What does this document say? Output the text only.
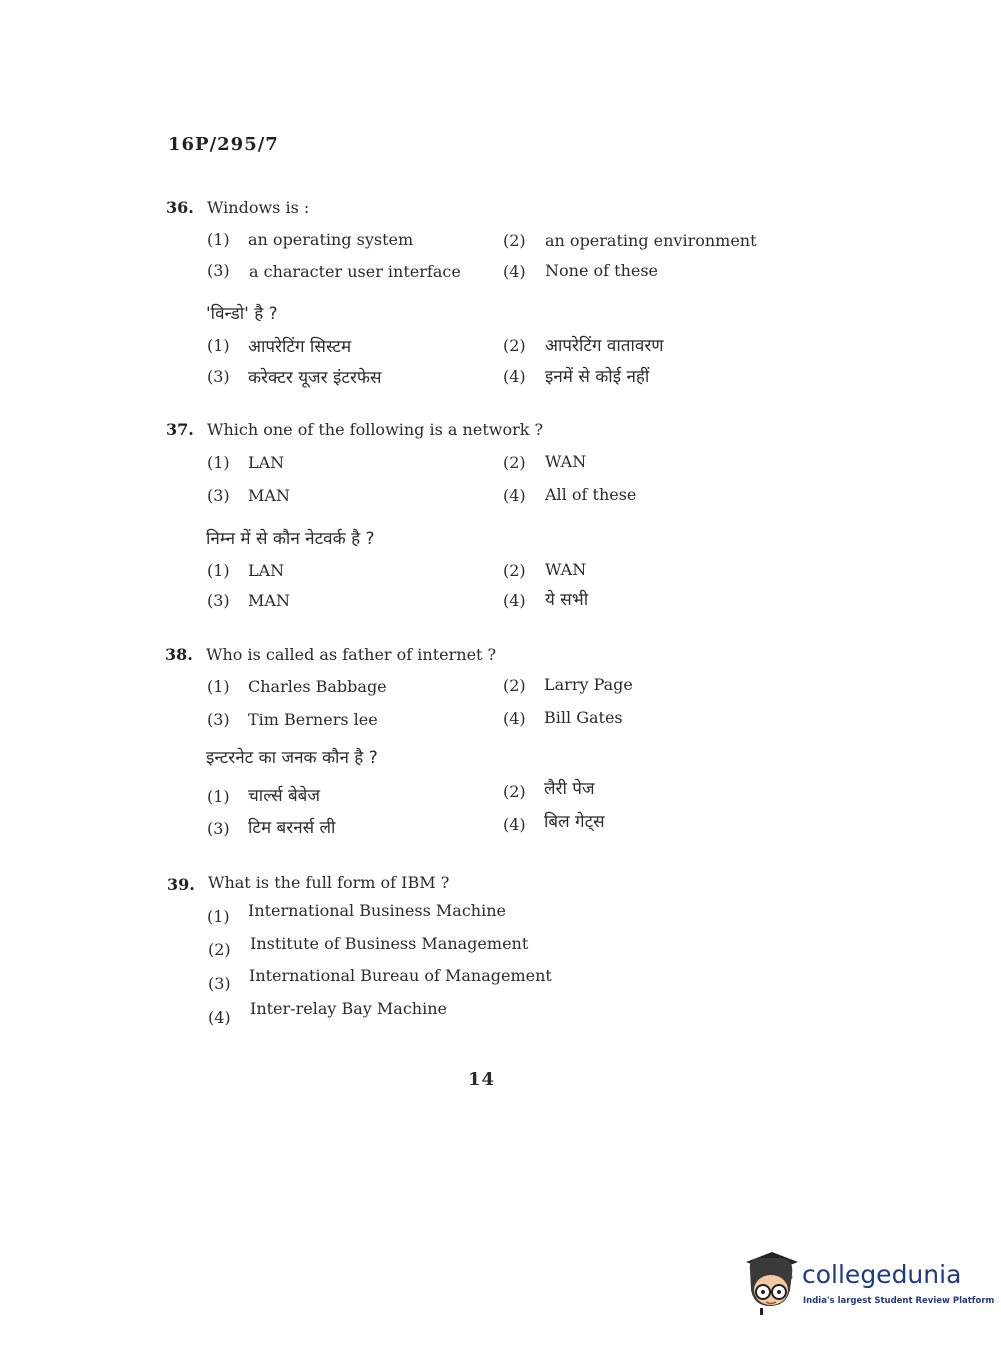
16P/295/7
36. Windows is :
(1) an operating system	(2) an operating environment
(3) a character user interface	(4) None of these
'विन्डो' है ?
(1) आपरेटिंग सिस्टम	(2) आपरेटिंग वातावरण
(3) करेक्टर यूजर इंटरफेस	(4) इनमें से कोई नहीं
37. Which one of the following is a network ?
(1) LAN	(2) WAN
(3) MAN	(4) All of these
निम्न में से कौन नेटवर्क है ?
(1) LAN	(2) WAN
(3) MAN	(4) ये सभी
38. Who is called as father of internet ?
(1) Charles Babbage	(2) Larry Page
(3) Tim Berners lee	(4) Bill Gates
इन्टरनेट का जनक कौन है ?
(1) चार्ल्स बेबेज	(2) लैरी पेज
(3) टिम बरनर्स ली	(4) बिल गेट्स
39. What is the full form of IBM ?
(1) International Business Machine
(2) Institute of Business Management
(3) International Bureau of Management
(4) Inter-relay Bay Machine
14
collegedunia
India's largest Student Review Platform
